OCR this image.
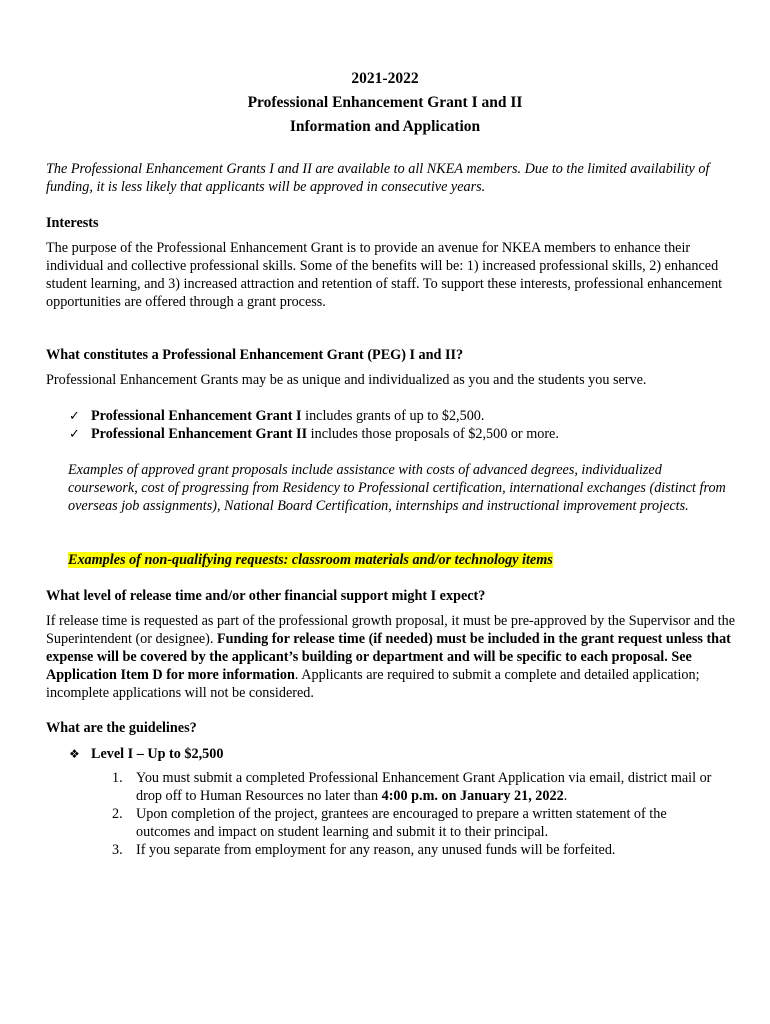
2021-2022
Professional Enhancement Grant I and II
Information and Application
The Professional Enhancement Grants I and II are available to all NKEA members. Due to the limited availability of funding, it is less likely that applicants will be approved in consecutive years.
Interests
The purpose of the Professional Enhancement Grant is to provide an avenue for NKEA members to enhance their individual and collective professional skills. Some of the benefits will be: 1) increased professional skills, 2) enhanced student learning, and 3) increased attraction and retention of staff. To support these interests, professional enhancement opportunities are offered through a grant process.
What constitutes a Professional Enhancement Grant (PEG) I and II?
Professional Enhancement Grants may be as unique and individualized as you and the students you serve.
✓ Professional Enhancement Grant I includes grants of up to $2,500.
✓ Professional Enhancement Grant II includes those proposals of $2,500 or more.
Examples of approved grant proposals include assistance with costs of advanced degrees, individualized coursework, cost of progressing from Residency to Professional certification, international exchanges (distinct from overseas job assignments), National Board Certification, internships and instructional improvement projects.
Examples of non-qualifying requests: classroom materials and/or technology items
What level of release time and/or other financial support might I expect?
If release time is requested as part of the professional growth proposal, it must be pre-approved by the Supervisor and the Superintendent (or designee). Funding for release time (if needed) must be included in the grant request unless that expense will be covered by the applicant’s building or department and will be specific to each proposal. See Application Item D for more information. Applicants are required to submit a complete and detailed application; incomplete applications will not be considered.
What are the guidelines?
❖ Level I – Up to $2,500
1. You must submit a completed Professional Enhancement Grant Application via email, district mail or drop off to Human Resources no later than 4:00 p.m. on January 21, 2022.
2. Upon completion of the project, grantees are encouraged to prepare a written statement of the outcomes and impact on student learning and submit it to their principal.
3. If you separate from employment for any reason, any unused funds will be forfeited.
